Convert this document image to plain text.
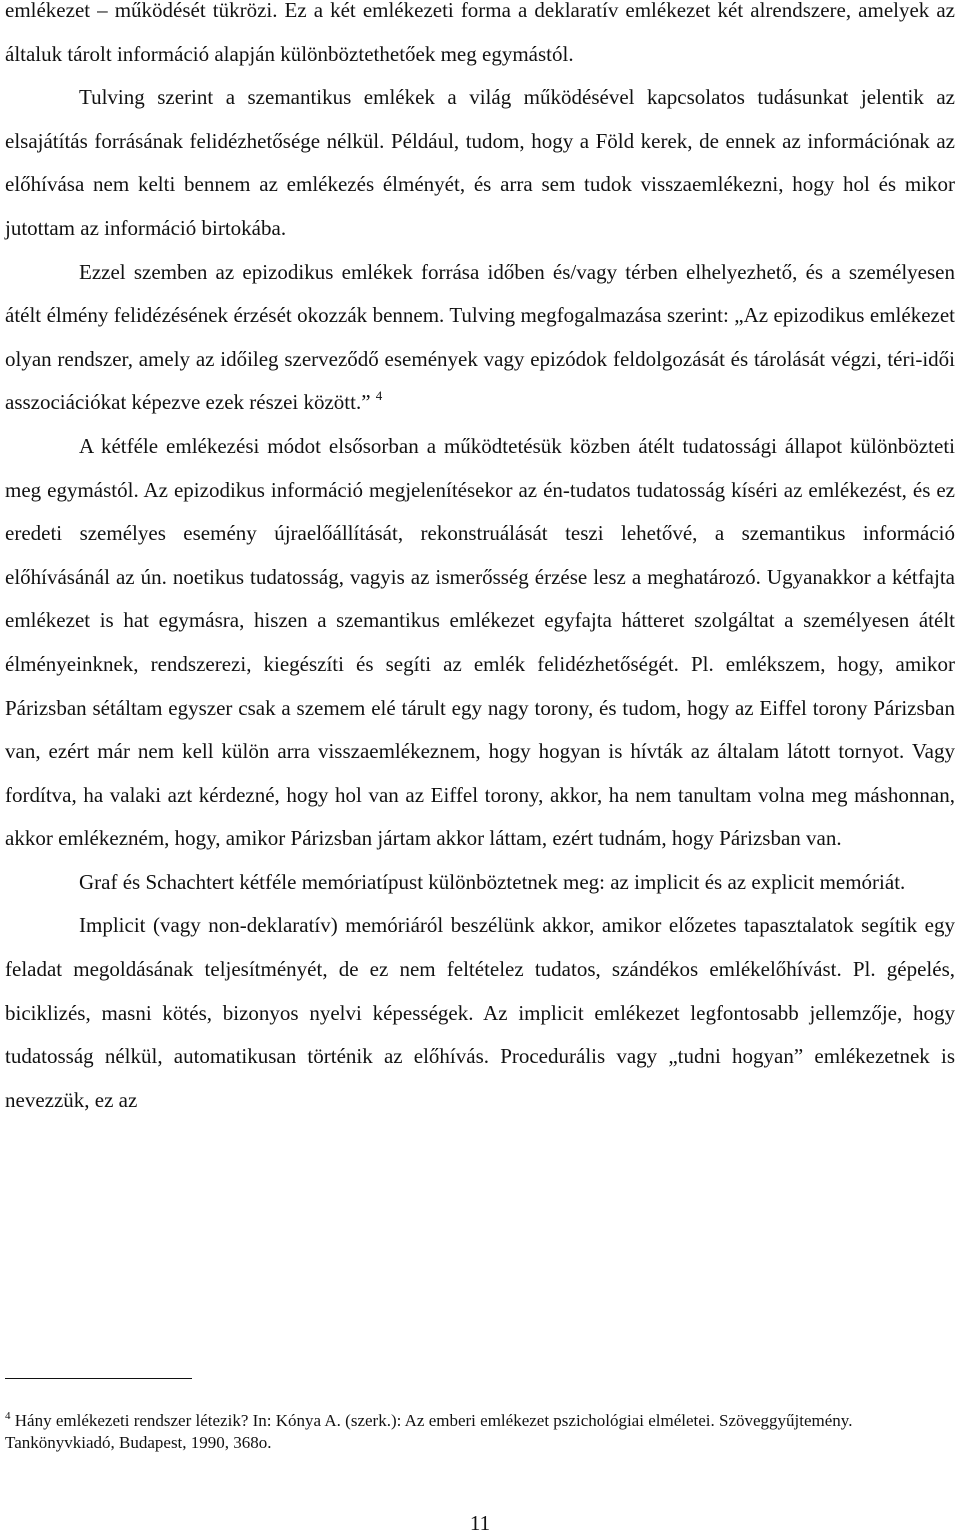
emlékezet – működését tükrözi. Ez a két emlékezeti forma a deklaratív emlékezet két alrendszere, amelyek az általuk tárolt információ alapján különböztethetőek meg egymástól.

Tulving szerint a szemantikus emlékek a világ működésével kapcsolatos tudásunkat jelentik az elsajátítás forrásának felidézhetősége nélkül. Például, tudom, hogy a Föld kerek, de ennek az információnak az előhívása nem kelti bennem az emlékezés élményét, és arra sem tudok visszaemlékezni, hogy hol és mikor jutottam az információ birtokába.

Ezzel szemben az epizodikus emlékek forrása időben és/vagy térben elhelyezhető, és a személyesen átélt élmény felidézésének érzését okozzák bennem. Tulving megfogalmazása szerint: „Az epizodikus emlékezet olyan rendszer, amely az időileg szerveződő események vagy epizódok feldolgozását és tárolását végzi, téri-idői asszociációkat képezve ezek részei között.” $^4$

A kétféle emlékezési módot elsősorban a működtetésük közben átélt tudatossági állapot különbözteti meg egymástól. Az epizodikus információ megjelenítésekor az én-tudatos tudatosság kíséri az emlékezést, és ez eredeti személyes esemény újraelőállítását, rekonstruálását teszi lehetővé, a szemantikus információ előhívásánál az ún. noetikus tudatosság, vagyis az ismerősség érzése lesz a meghatározó. Ugyanakkor a kétfajta emlékezet is hat egymásra, hiszen a szemantikus emlékezet egyfajta hátteret szolgáltat a személyesen átélt élményeinknek, rendszerezi, kiegészíti és segíti az emlék felidézhetőségét. Pl. emlékszem, hogy, amikor Párizsban sétáltam egyszer csak a szemem elé tárult egy nagy torony, és tudom, hogy az Eiffel torony Párizsban van, ezért már nem kell külön arra visszaemlékeznem, hogy hogyan is hívták az általam látott tornyot. Vagy fordítva, ha valaki azt kérdezné, hogy hol van az Eiffel torony, akkor, ha nem tanultam volna meg máshonnan, akkor emlékezném, hogy, amikor Párizsban jártam akkor láttam, ezért tudnám, hogy Párizsban van.

Graf és Schachtert kétféle memóriatípust különböztetnek meg: az implicit és az explicit memóriát.

Implicit (vagy non-deklaratív) memóriáról beszélünk akkor, amikor előzetes tapasztalatok segítik egy feladat megoldásának teljesítményét, de ez nem feltételez tudatos, szándékos emlékelőhívást. Pl. gépelés, biciklizés, masni kötés, bizonyos nyelvi képességek. Az implicit emlékezet legfontosabb jellemzője, hogy tudatosság nélkül, automatikusan történik az előhívás. Procedurális vagy „tudni hogyan” emlékezetnek is nevezzük, ez az

$^4$ Hány emlékezeti rendszer létezik? In: Kónya A. (szerk.): Az emberi emlékezet pszichológiai elméletei. Szöveggyűjtemény. Tankönyvkiadó, Budapest, 1990, 368o.

11
